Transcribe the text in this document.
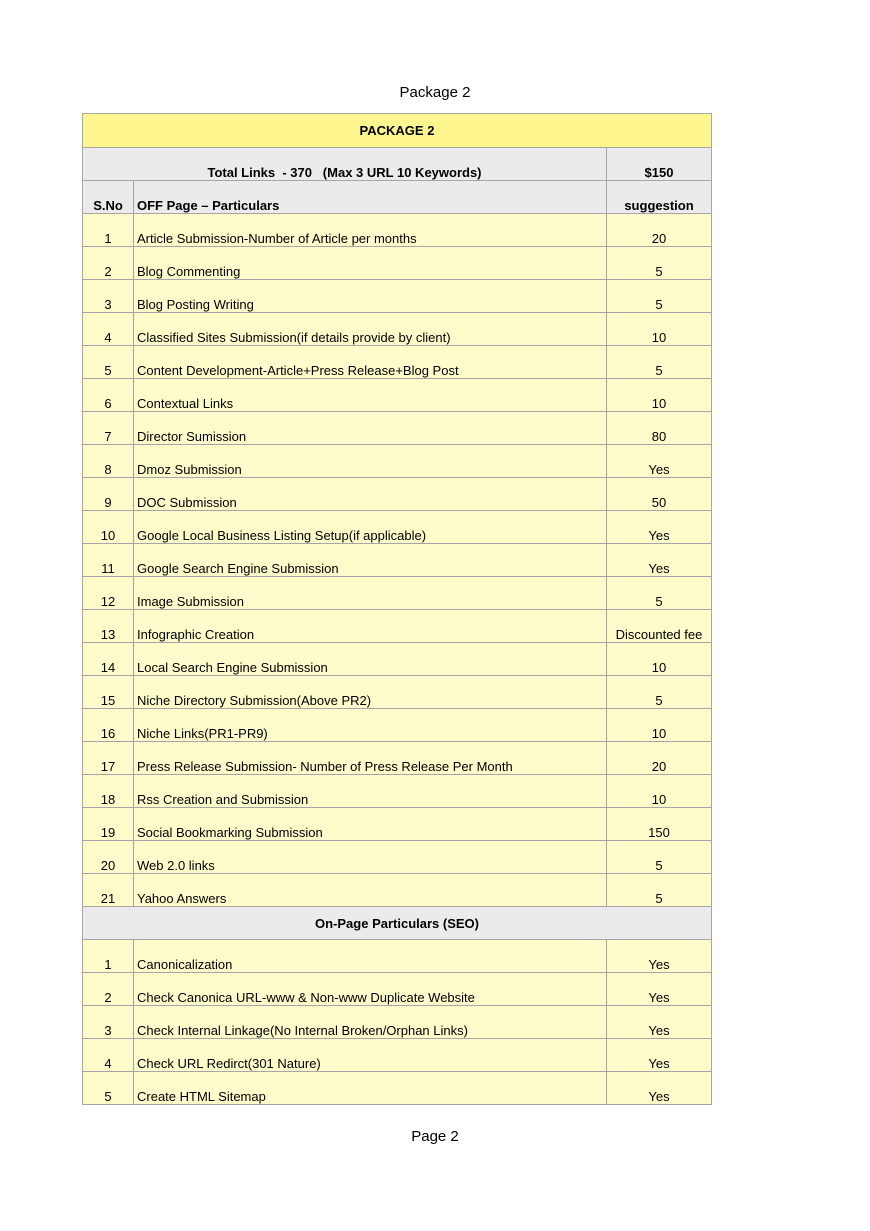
Package 2
PACKAGE 2		
Total Links  - 370   (Max 3 URL 10 Keywords)		$150
S.No	OFF Page – Particulars	suggestion
1	Article Submission-Number of Article per months	20
2	Blog Commenting	5
3	Blog Posting Writing	5
4	Classified Sites Submission(if details provide by client)	10
5	Content Development-Article+Press Release+Blog Post	5
6	Contextual Links	10
7	Director Sumission	80
8	Dmoz Submission	Yes
9	DOC Submission	50
10	Google Local Business Listing Setup(if applicable)	Yes
11	Google Search Engine Submission	Yes
12	Image Submission	5
13	Infographic Creation	Discounted fee
14	Local Search Engine Submission	10
15	Niche Directory Submission(Above PR2)	5
16	Niche Links(PR1-PR9)	10
17	Press Release Submission- Number of Press Release Per Month	20
18	Rss Creation and Submission	10
19	Social Bookmarking Submission	150
20	Web 2.0 links	5
21	Yahoo Answers	5
On-Page Particulars (SEO)		
1	Canonicalization	Yes
2	Check Canonica URL-www & Non-www Duplicate Website	Yes
3	Check Internal Linkage(No Internal Broken/Orphan Links)	Yes
4	Check URL Redirct(301 Nature)	Yes
5	Create HTML Sitemap	Yes
Page 2
